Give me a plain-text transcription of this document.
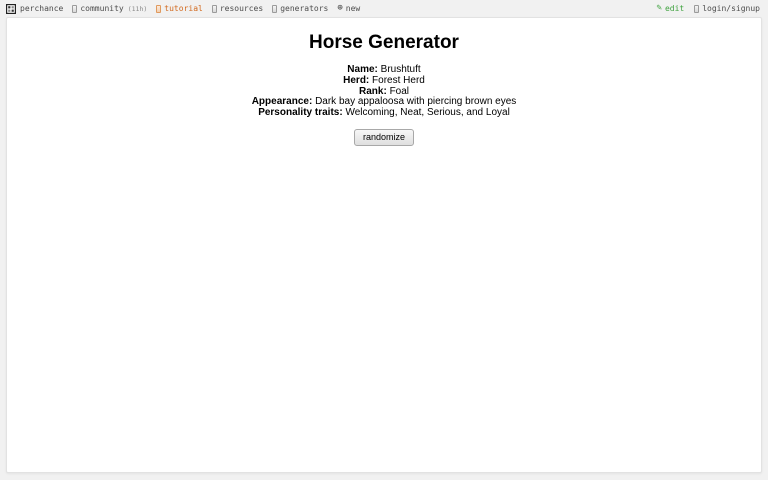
perchance community (11h) tutorial resources generators ⊕ new	✎ edit login/signup
Horse Generator
Name: Brushtuft
Herd: Forest Herd
Rank: Foal
Appearance: Dark bay appaloosa with piercing brown eyes
Personality traits: Welcoming, Neat, Serious, and Loyal
randomize
